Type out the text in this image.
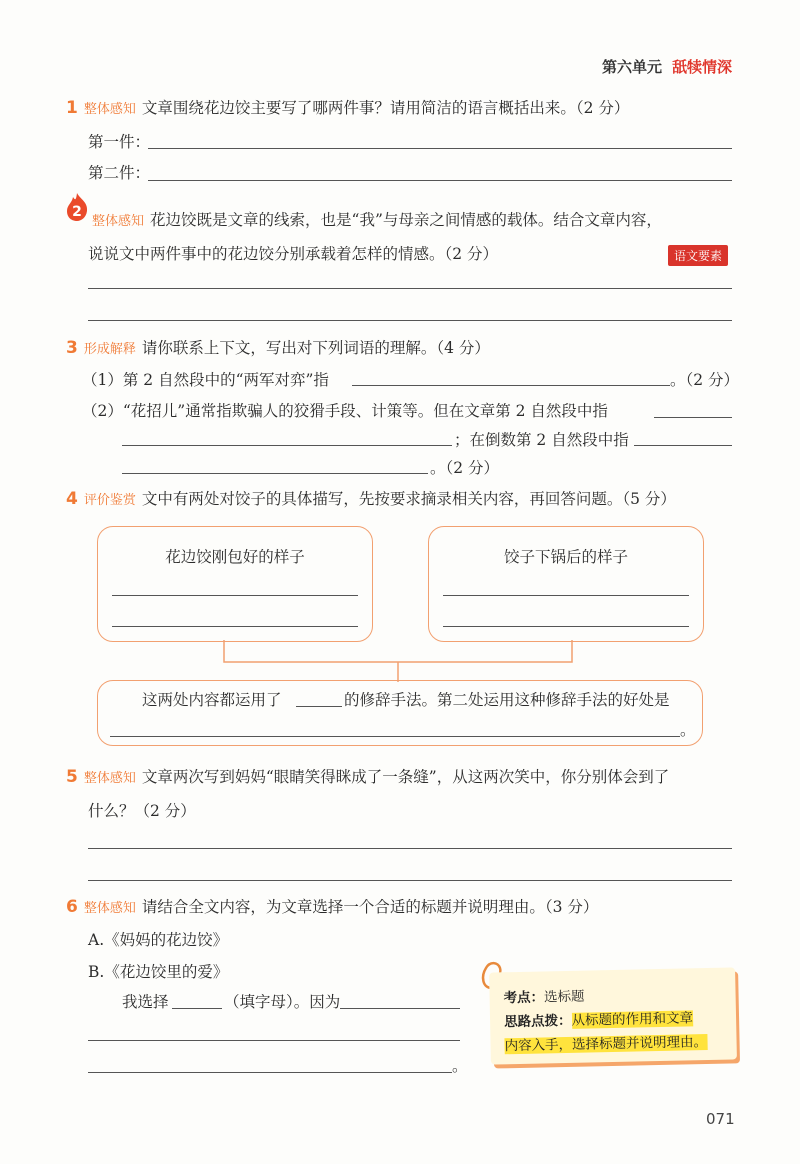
第六单元 舐犊情深
1 整体感知 文章围绕花边饺主要写了哪两件事？请用简洁的语言概括出来。（2 分）
第一件：
第二件：
2
整体感知 花边饺既是文章的线索，也是“我”与母亲之间情感的载体。结合文章内容，
说说文中两件事中的花边饺分别承载着怎样的情感。（2 分）	语文要素
3 形成解释 请你联系上下文，写出对下列词语的理解。（4 分）
（1）第 2 自然段中的“两军对弈”指	。（2 分）
（2）“花招儿”通常指欺骗人的狡猾手段、计策等。但在文章第 2 自然段中指
；在倒数第 2 自然段中指
。（2 分）
4 评价鉴赏 文中有两处对饺子的具体描写，先按要求摘录相关内容，再回答问题。（5 分）
花边饺刚包好的样子	饺子下锅后的样子
这两处内容都运用了	的修辞手法。第二处运用这种修辞手法的好处是
。
5 整体感知 文章两次写到妈妈“眼睛笑得眯成了一条缝”，从这两次笑中，你分别体会到了
什么？（2 分）
6 整体感知 请结合全文内容，为文章选择一个合适的标题并说明理由。（3 分）
A.《妈妈的花边饺》
B.《花边饺里的爱》
我选择	（填字母）。因为
。
考点：选标题
思路点拨：从标题的作用和文章
内容入手，选择标题并说明理由。
071
